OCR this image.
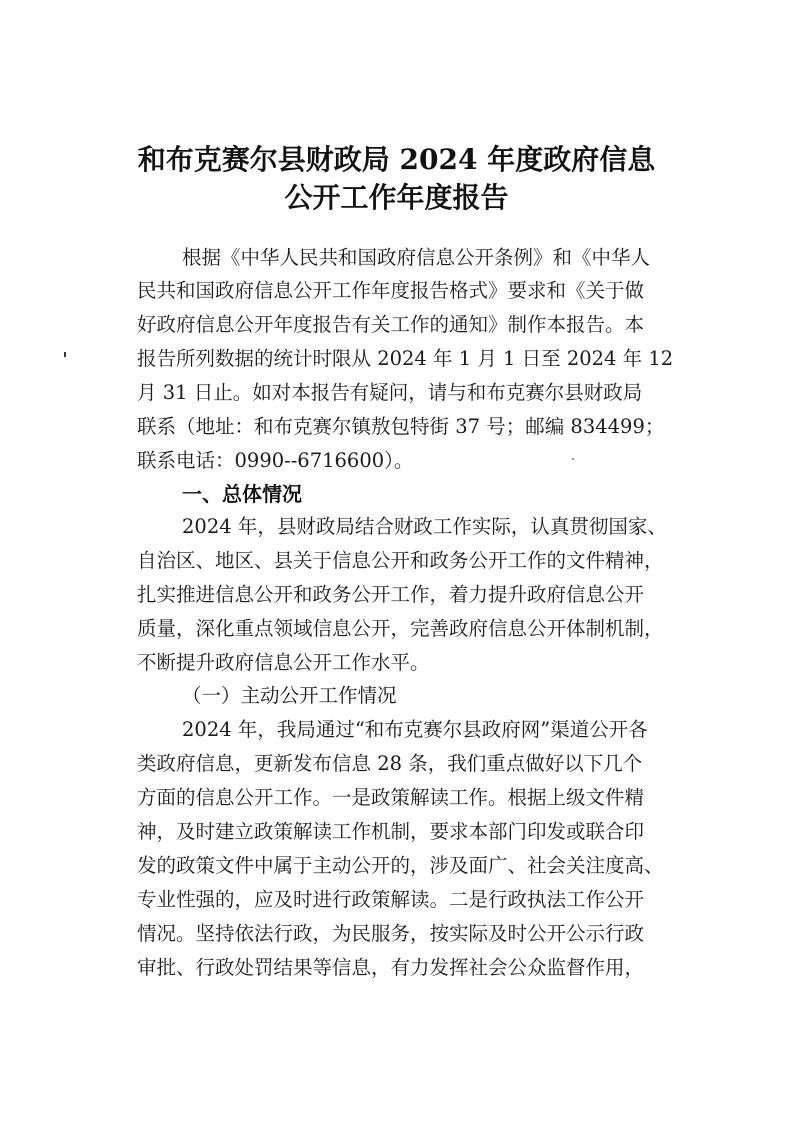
和布克赛尔县财政局 2024 年度政府信息
公开工作年度报告
根据《中华人民共和国政府信息公开条例》和《中华人
民共和国政府信息公开工作年度报告格式》要求和《关于做
好政府信息公开年度报告有关工作的通知》制作本报告。本
报告所列数据的统计时限从 2024 年 1 月 1 日至 2024 年 12
月 31 日止。如对本报告有疑问，请与和布克赛尔县财政局
联系（地址：和布克赛尔镇敖包特街 37 号；邮编 834499；
联系电话：0990--6716600）。
一、总体情况
2024 年，县财政局结合财政工作实际，认真贯彻国家、
自治区、地区、县关于信息公开和政务公开工作的文件精神，
扎实推进信息公开和政务公开工作，着力提升政府信息公开
质量，深化重点领域信息公开，完善政府信息公开体制机制，
不断提升政府信息公开工作水平。
（一）主动公开工作情况
2024 年，我局通过“和布克赛尔县政府网”渠道公开各
类政府信息，更新发布信息 28 条，我们重点做好以下几个
方面的信息公开工作。一是政策解读工作。根据上级文件精
神，及时建立政策解读工作机制，要求本部门印发或联合印
发的政策文件中属于主动公开的，涉及面广、社会关注度高、
专业性强的，应及时进行政策解读。二是行政执法工作公开
情况。坚持依法行政，为民服务，按实际及时公开公示行政
审批、行政处罚结果等信息，有力发挥社会公众监督作用，
